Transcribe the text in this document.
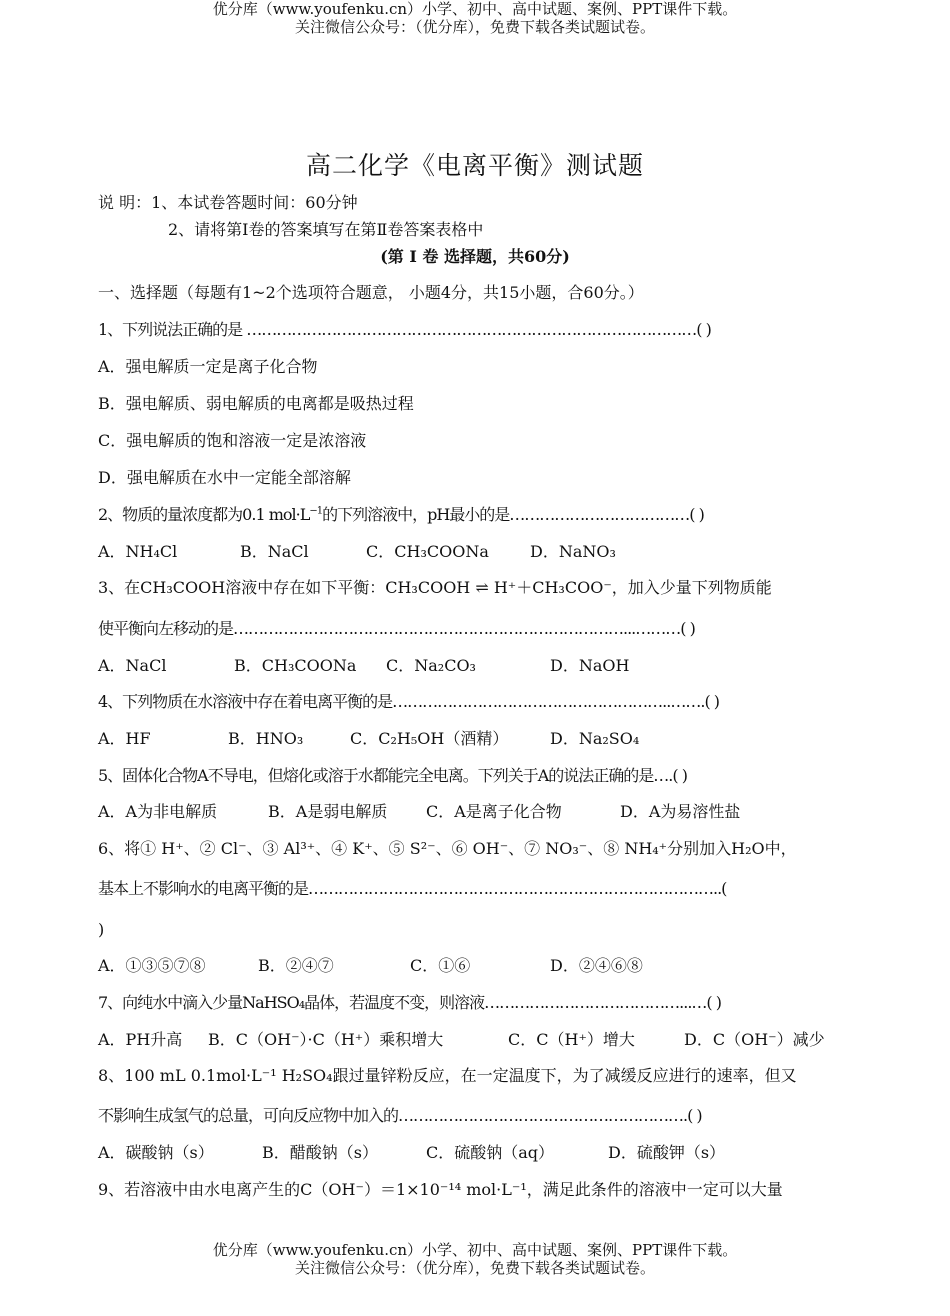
优分库（www.youfenku.cn）小学、初中、高中试题、案例、PPT课件下载。
关注微信公众号：（优分库），免费下载各类试题试卷。
高二化学《电离平衡》测试题
说 明：1、本试卷答题时间：60分钟
2、请将第Ⅰ卷的答案填写在第Ⅱ卷答案表格中
(第 Ⅰ 卷 选择题，共60分)
一、选择题（每题有1~2个选项符合题意， 小题4分，共15小题，合60分。）
1、下列说法正确的是 ………………………………………………………………………………( )
A．强电解质一定是离子化合物
B．强电解质、弱电解质的电离都是吸热过程
C．强电解质的饱和溶液一定是浓溶液
D．强电解质在水中一定能全部溶解
2、物质的量浓度都为0.1 $mol\cdot L^{-1}$的下列溶液中，pH最小的是………………………………( )
A．NH₄Cl	B．NaCl	C．CH₃COONa	D．NaNO₃
3、在CH₃COOH溶液中存在如下平衡：CH₃COOH ⇌ H⁺＋CH₃COO⁻，加入少量下列物质能
使平衡向左移动的是……………………………………………………………………...………( )
A．NaCl	B．CH₃COONa C．Na₂CO₃	D．NaOH
4、下列物质在水溶液中存在着电离平衡的是………………………………………………..…….( )
A．HF	B．HNO₃	C．C₂H₅OH（酒精）	D．Na₂SO₄
5、固体化合物A不导电，但熔化或溶于水都能完全电离。下列关于A的说法正确的是….( )
A．A为非电解质	B．A是弱电解质 C．A是离子化合物	D．A为易溶性盐
6、将① H⁺、② Cl⁻、③ Al³⁺、④ K⁺、⑤ S²⁻、⑥ OH⁻、⑦ NO₃⁻、⑧ NH₄⁺分别加入H₂O中，
基本上不影响水的电离平衡的是………………………………………………………………………..(
)
A．①③⑤⑦⑧	B．②④⑦	C．①⑥	D．②④⑥⑧
7、向纯水中滴入少量NaHSO₄晶体，若温度不变，则溶液…………………………………...…( )
A．PH升高 B．C（OH⁻）·C（H⁺）乘积增大	C．C（H⁺）增大	D．C（OH⁻）减少
8、100 mL 0.1mol·L⁻¹ H₂SO₄跟过量锌粉反应，在一定温度下，为了减缓反应进行的速率，但又
不影响生成氢气的总量，可向反应物中加入的………………………………………………….( )
A．碳酸钠（s）	B．醋酸钠（s）	C．硫酸钠（aq）	D．硫酸钾（s）
9、若溶液中由水电离产生的C（OH⁻）＝1×10⁻¹⁴ mol·L⁻¹，满足此条件的溶液中一定可以大量
优分库（www.youfenku.cn）小学、初中、高中试题、案例、PPT课件下载。
关注微信公众号：（优分库），免费下载各类试题试卷。
